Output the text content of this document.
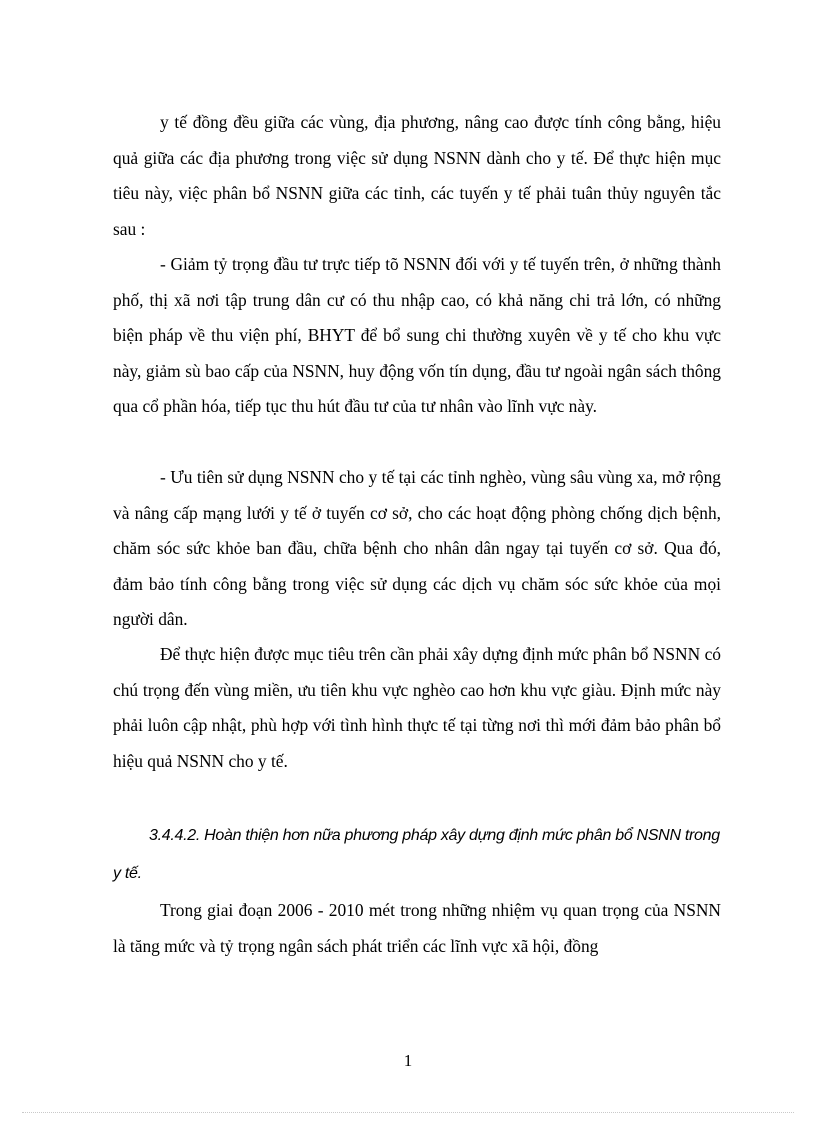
y tế đồng đều giữa các vùng, địa phương, nâng cao được tính công bằng, hiệu quả giữa các địa phương trong việc sử dụng NSNN dành cho y tế. Để thực hiện mục tiêu này, việc phân bổ NSNN giữa các tỉnh, các tuyến y tế phải tuân thủy nguyên tắc sau :

- Giảm tỷ trọng đầu tư trực tiếp tõ NSNN đối với y tế tuyến trên, ở những thành phố, thị xã nơi tập trung dân cư có thu nhập cao, có khả năng chi trả lớn, có những biện pháp về thu viện phí, BHYT để bổ sung chi thường xuyên về y tế cho khu vực này, giảm sù bao cấp của NSNN, huy động vốn tín dụng, đầu tư ngoài ngân sách thông qua cổ phần hóa, tiếp tục thu hút đầu tư của tư nhân vào lĩnh vực này.

- Ưu tiên sử dụng NSNN cho y tế tại các tỉnh nghèo, vùng sâu vùng xa, mở rộng và nâng cấp mạng lưới y tế ở tuyến cơ sở, cho các hoạt động phòng chống dịch bệnh, chăm sóc sức khỏe ban đầu, chữa bệnh cho nhân dân ngay tại tuyến cơ sở. Qua đó, đảm bảo tính công bằng trong việc sử dụng các dịch vụ chăm sóc sức khỏe của mọi người dân.

Để thực hiện được mục tiêu trên cần phải xây dựng định mức phân bổ NSNN có chú trọng đến vùng miền, ưu tiên khu vực nghèo cao hơn khu vực giàu. Định mức này phải luôn cập nhật, phù hợp với tình hình thực tế tại từng nơi thì mới đảm bảo phân bổ hiệu quả NSNN cho y tế.

3.4.4.2. Hoàn thiện hơn nữa phương pháp xây dựng định mức phân bổ NSNN trong y tế.

Trong giai đoạn 2006 - 2010 mét trong những nhiệm vụ quan trọng của NSNN là tăng mức và tỷ trọng ngân sách phát triển các lĩnh vực xã hội, đồng

1
